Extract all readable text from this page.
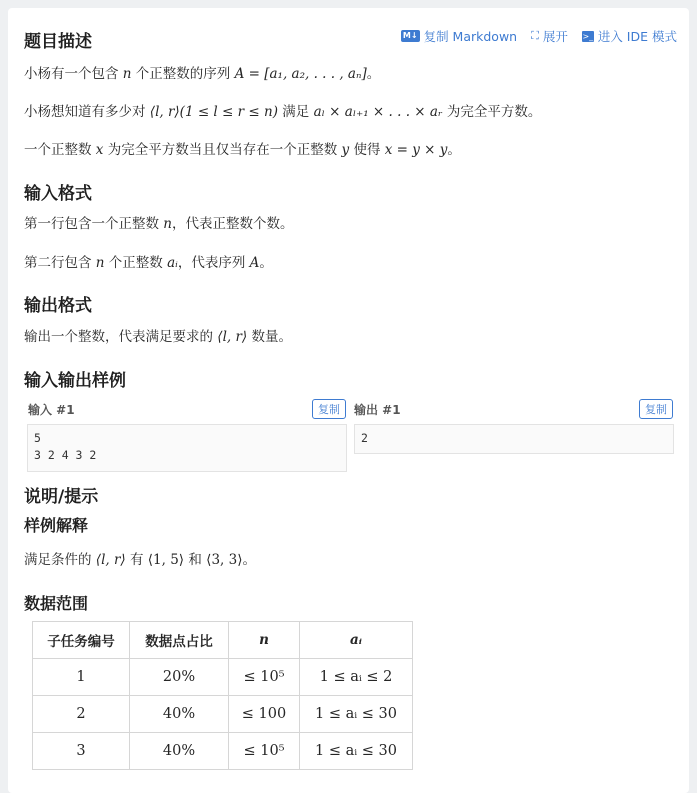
M↓ 复制 Markdown ⛶ 展开 >_ 进入 IDE 模式
题目描述

小杨有一个包含 n 个正整数的序列 A = [a₁, a₂, . . . , aₙ]。

小杨想知道有多少对 ⟨l, r⟩(1 ≤ l ≤ r ≤ n) 满足 aₗ × aₗ₊₁ × . . . × aᵣ 为完全平方数。

一个正整数 x 为完全平方数当且仅当存在一个正整数 y 使得 x = y × y。

输入格式

第一行包含一个正整数 n，代表正整数个数。

第二行包含 n 个正整数 aᵢ，代表序列 A。

输出格式

输出一个整数，代表满足要求的 ⟨l, r⟩ 数量。

输入输出样例
输入 #1	复制
5
3 2 4 3 2
输出 #1	复制
2
说明/提示
样例解释

满足条件的 ⟨l, r⟩ 有 ⟨1, 5⟩ 和 ⟨3, 3⟩。

数据范围
子任务编号	数据点占比	n	aᵢ
1	20%	≤ 10⁵	1 ≤ aᵢ ≤ 2
2	40%	≤ 100	1 ≤ aᵢ ≤ 30
3	40%	≤ 10⁵	1 ≤ aᵢ ≤ 30
